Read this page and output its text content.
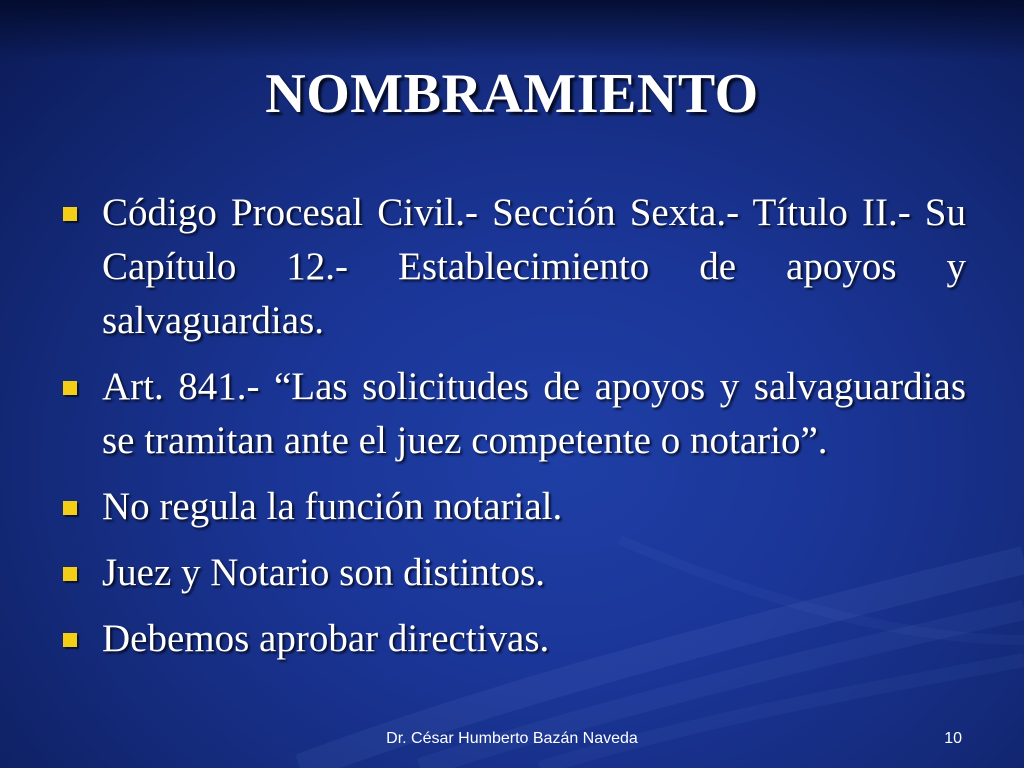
NOMBRAMIENTO
Código Procesal Civil.- Sección Sexta.- Título II.- Su Capítulo 12.- Establecimiento de apoyos y salvaguardias.
Art. 841.- “Las solicitudes de apoyos y salvaguardias se tramitan ante el juez competente o notario”.
No regula la función notarial.
Juez y Notario son distintos.
Debemos aprobar directivas.
Dr. César Humberto Bazán Naveda	10
